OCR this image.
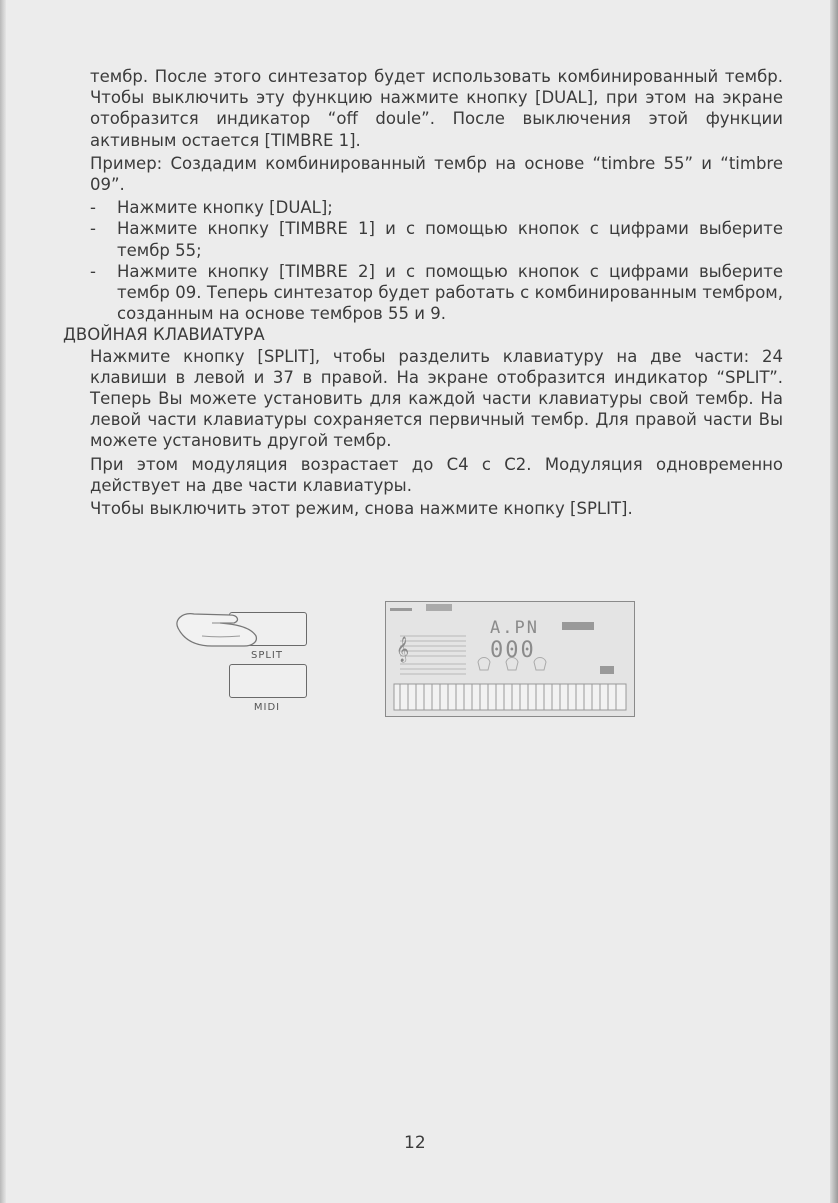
тембр. После этого синтезатор будет использовать комбинированный тембр. Чтобы выключить эту функцию нажмите кнопку [DUAL], при этом на экране отобразится индикатор “off doule”. После выключения этой функции активным остается [TIMBRE 1].

Пример: Создадим комбинированный тембр на основе “timbre 55” и “timbre 09”.

- Нажмите кнопку [DUAL];
- Нажмите кнопку [TIMBRE 1] и с помощью кнопок с цифрами выберите тембр 55;
- Нажмите кнопку [TIMBRE 2] и с помощью кнопок с цифрами выберите тембр 09. Теперь синтезатор будет работать с комбинированным тембром, созданным на основе тембров 55 и 9.

ДВОЙНАЯ КЛАВИАТУРА

Нажмите кнопку [SPLIT], чтобы разделить клавиатуру на две части: 24 клавиши в левой и 37 в правой. На экране отобразится индикатор “SPLIT”. Теперь Вы можете установить для каждой части клавиатуры свой тембр. На левой части клавиатуры сохраняется первичный тембр. Для правой части Вы можете установить другой тембр.

При этом модуляция возрастает до С4 с С2. Модуляция одновременно действует на две части клавиатуры.

Чтобы выключить этот режим, снова нажмите кнопку [SPLIT].

SPLIT
MIDI
𝄞
A.PN
000
12
